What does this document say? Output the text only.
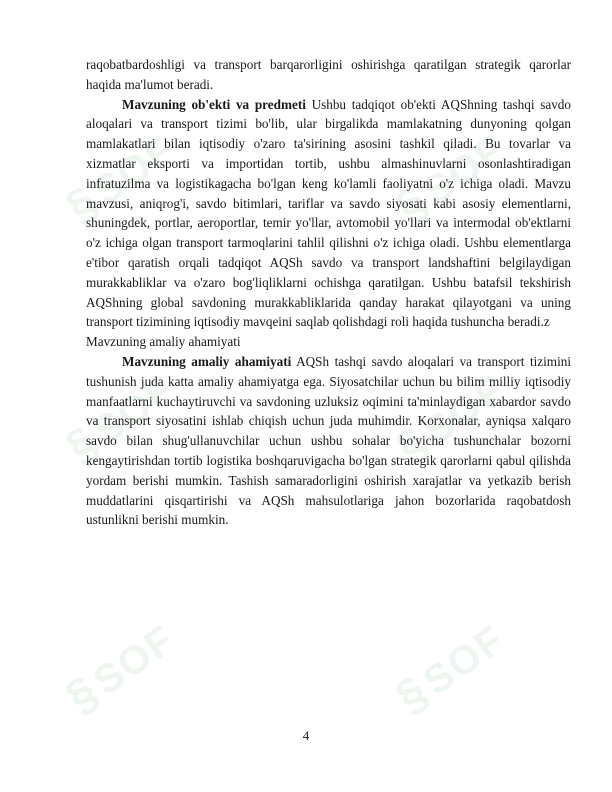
§SOF	§SOF
§SOF	§SOF
§SOF	§SOF

raqobatbardoshligi va transport barqarorligini oshirishga qaratilgan strategik qarorlar haqida ma'lumot beradi.

Mavzuning ob'ekti va predmeti Ushbu tadqiqot ob'ekti AQShning tashqi savdo aloqalari va transport tizimi bo'lib, ular birgalikda mamlakatning dunyoning qolgan mamlakatlari bilan iqtisodiy o'zaro ta'sirining asosini tashkil qiladi. Bu tovarlar va xizmatlar eksporti va importidan tortib, ushbu almashinuvlarni osonlashtiradigan infratuzilma va logistikagacha bo'lgan keng ko'lamli faoliyatni o'z ichiga oladi. Mavzu mavzusi, aniqrog'i, savdo bitimlari, tariflar va savdo siyosati kabi asosiy elementlarni, shuningdek, portlar, aeroportlar, temir yo'llar, avtomobil yo'llari va intermodal ob'ektlarni o'z ichiga olgan transport tarmoqlarini tahlil qilishni o'z ichiga oladi. Ushbu elementlarga e'tibor qaratish orqali tadqiqot AQSh savdo va transport landshaftini belgilaydigan murakkabliklar va o'zaro bog'liqliklarni ochishga qaratilgan. Ushbu batafsil tekshirish AQShning global savdoning murakkabliklarida qanday harakat qilayotgani va uning transport tizimining iqtisodiy mavqeini saqlab qolishdagi roli haqida tushuncha beradi.z

Mavzuning amaliy ahamiyati

Mavzuning amaliy ahamiyati AQSh tashqi savdo aloqalari va transport tizimini tushunish juda katta amaliy ahamiyatga ega. Siyosatchilar uchun bu bilim milliy iqtisodiy manfaatlarni kuchaytiruvchi va savdoning uzluksiz oqimini ta'minlaydigan xabardor savdo va transport siyosatini ishlab chiqish uchun juda muhimdir. Korxonalar, ayniqsa xalqaro savdo bilan shug'ullanuvchilar uchun ushbu sohalar bo'yicha tushunchalar bozorni kengaytirishdan tortib logistika boshqaruvigacha bo'lgan strategik qarorlarni qabul qilishda yordam berishi mumkin. Tashish samaradorligini oshirish xarajatlar va yetkazib berish muddatlarini qisqartirishi va AQSh mahsulotlariga jahon bozorlarida raqobatdosh ustunlikni berishi mumkin.

4
